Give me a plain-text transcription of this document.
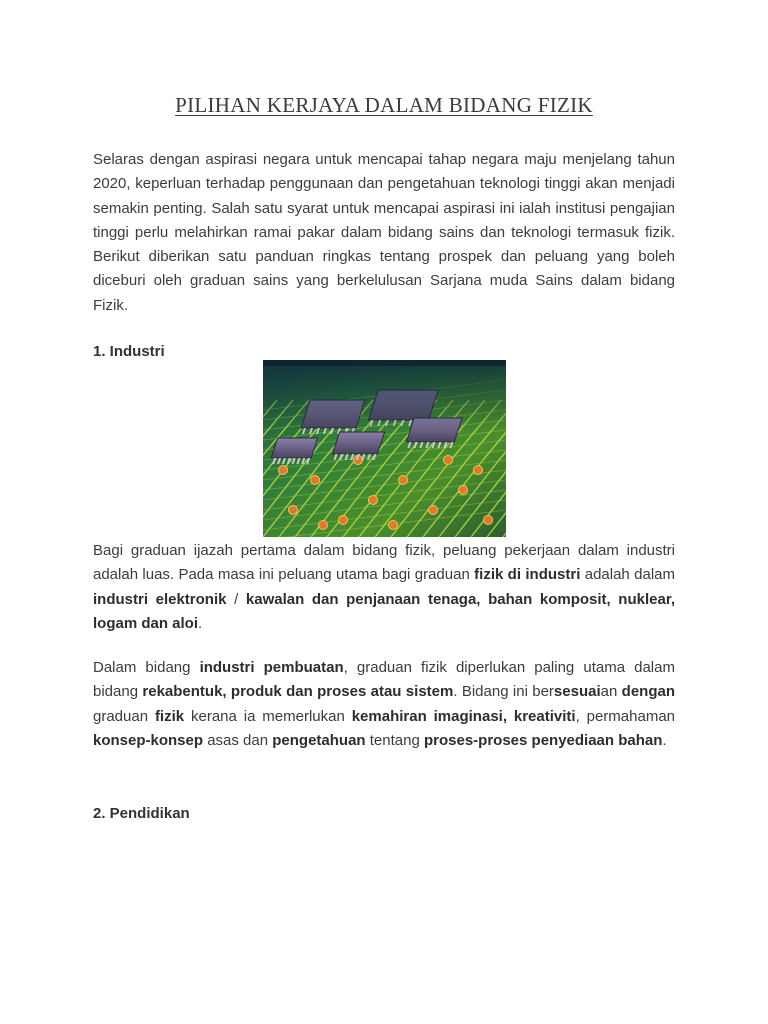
PILIHAN KERJAYA DALAM BIDANG FIZIK

Selaras dengan aspirasi negara untuk mencapai tahap negara maju menjelang tahun 2020, keperluan terhadap penggunaan dan pengetahuan teknologi tinggi akan menjadi semakin penting. Salah satu syarat untuk mencapai aspirasi ini ialah institusi pengajian tinggi perlu melahirkan ramai pakar dalam bidang sains dan teknologi termasuk fizik. Berikut diberikan satu panduan ringkas tentang prospek dan peluang yang boleh diceburi oleh graduan sains yang berkelulusan Sarjana muda Sains dalam bidang Fizik.

1. Industri

Bagi graduan ijazah pertama dalam bidang fizik, peluang pekerjaan dalam industri adalah luas. Pada masa ini peluang utama bagi graduan fizik di industri adalah dalam industri elektronik / kawalan dan penjanaan tenaga, bahan komposit, nuklear, logam dan aloi.

Dalam bidang industri pembuatan, graduan fizik diperlukan paling utama dalam bidang rekabentuk, produk dan proses atau sistem. Bidang ini bersesuaian dengan graduan fizik kerana ia memerlukan kemahiran imaginasi, kreativiti, permahaman konsep-konsep asas dan pengetahuan tentang proses-proses penyediaan bahan.

2. Pendidikan
